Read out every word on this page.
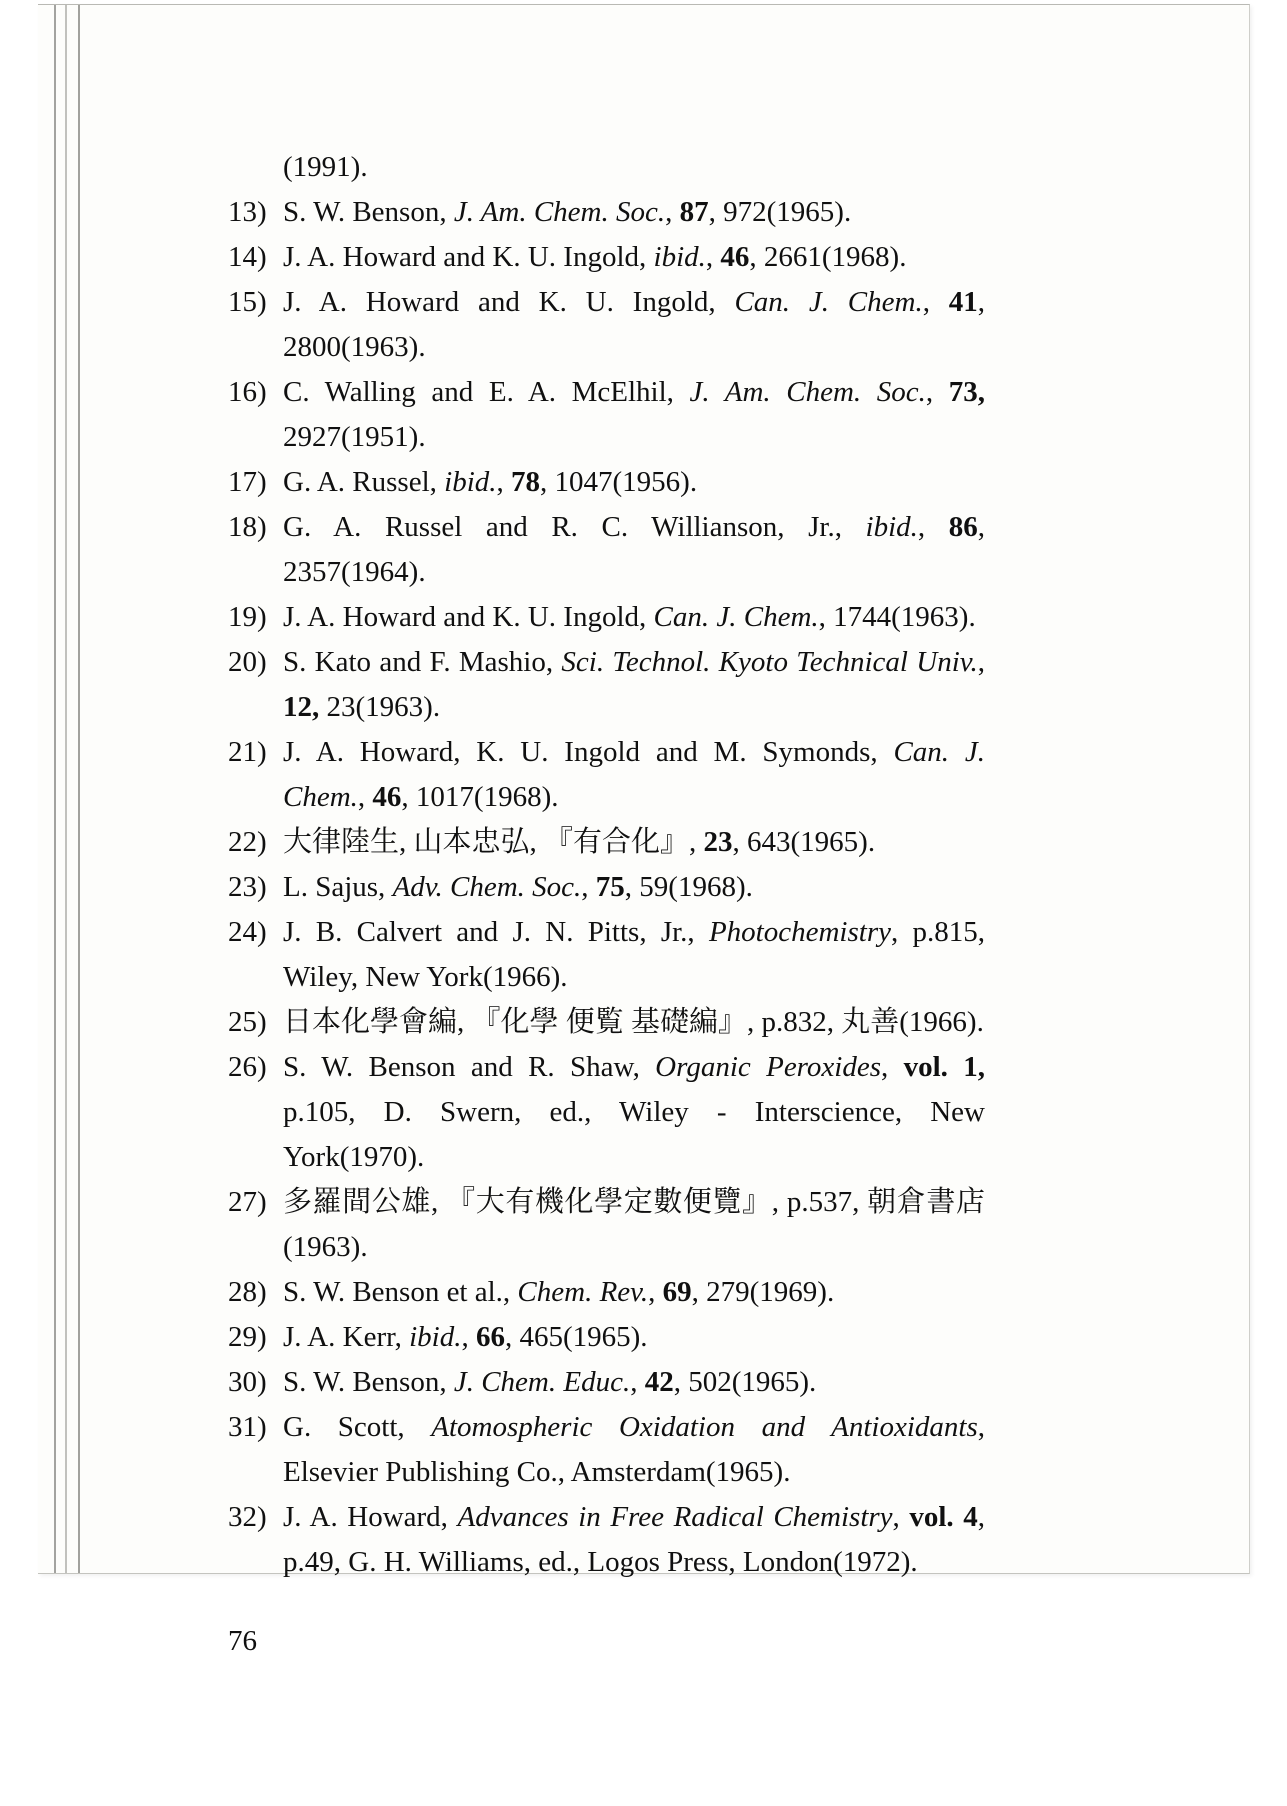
(1991).
13) S. W. Benson, J. Am. Chem. Soc., 87, 972(1965).
14) J. A. Howard and K. U. Ingold, ibid., 46, 2661(1968).
15) J. A. Howard and K. U. Ingold, Can. J. Chem., 41, 2800(1963).
16) C. Walling and E. A. McElhil, J. Am. Chem. Soc., 73, 2927(1951).
17) G. A. Russel, ibid., 78, 1047(1956).
18) G. A. Russel and R. C. Willianson, Jr., ibid., 86, 2357(1964).
19) J. A. Howard and K. U. Ingold, Can. J. Chem., 1744(1963).
20) S. Kato and F. Mashio, Sci. Technol. Kyoto Technical Univ., 12, 23(1963).
21) J. A. Howard, K. U. Ingold and M. Symonds, Can. J. Chem., 46, 1017(1968).
22) 大律陸生, 山本忠弘, 『有合化』, 23, 643(1965).
23) L. Sajus, Adv. Chem. Soc., 75, 59(1968).
24) J. B. Calvert and J. N. Pitts, Jr., Photochemistry, p.815, Wiley, New York(1966).
25) 日本化學會編, 『化學 便覧 基礎編』, p.832, 丸善(1966).
26) S. W. Benson and R. Shaw, Organic Peroxides, vol. 1, p.105, D. Swern, ed., Wiley - Interscience, New York(1970).
27) 多羅間公雄, 『大有機化學定數便覽』, p.537, 朝倉書店(1963).
28) S. W. Benson et al., Chem. Rev., 69, 279(1969).
29) J. A. Kerr, ibid., 66, 465(1965).
30) S. W. Benson, J. Chem. Educ., 42, 502(1965).
31) G. Scott, Atomospheric Oxidation and Antioxidants, Elsevier Publishing Co., Amsterdam(1965).
32) J. A. Howard, Advances in Free Radical Chemistry, vol. 4, p.49, G. H. Williams, ed., Logos Press, London(1972).
76
